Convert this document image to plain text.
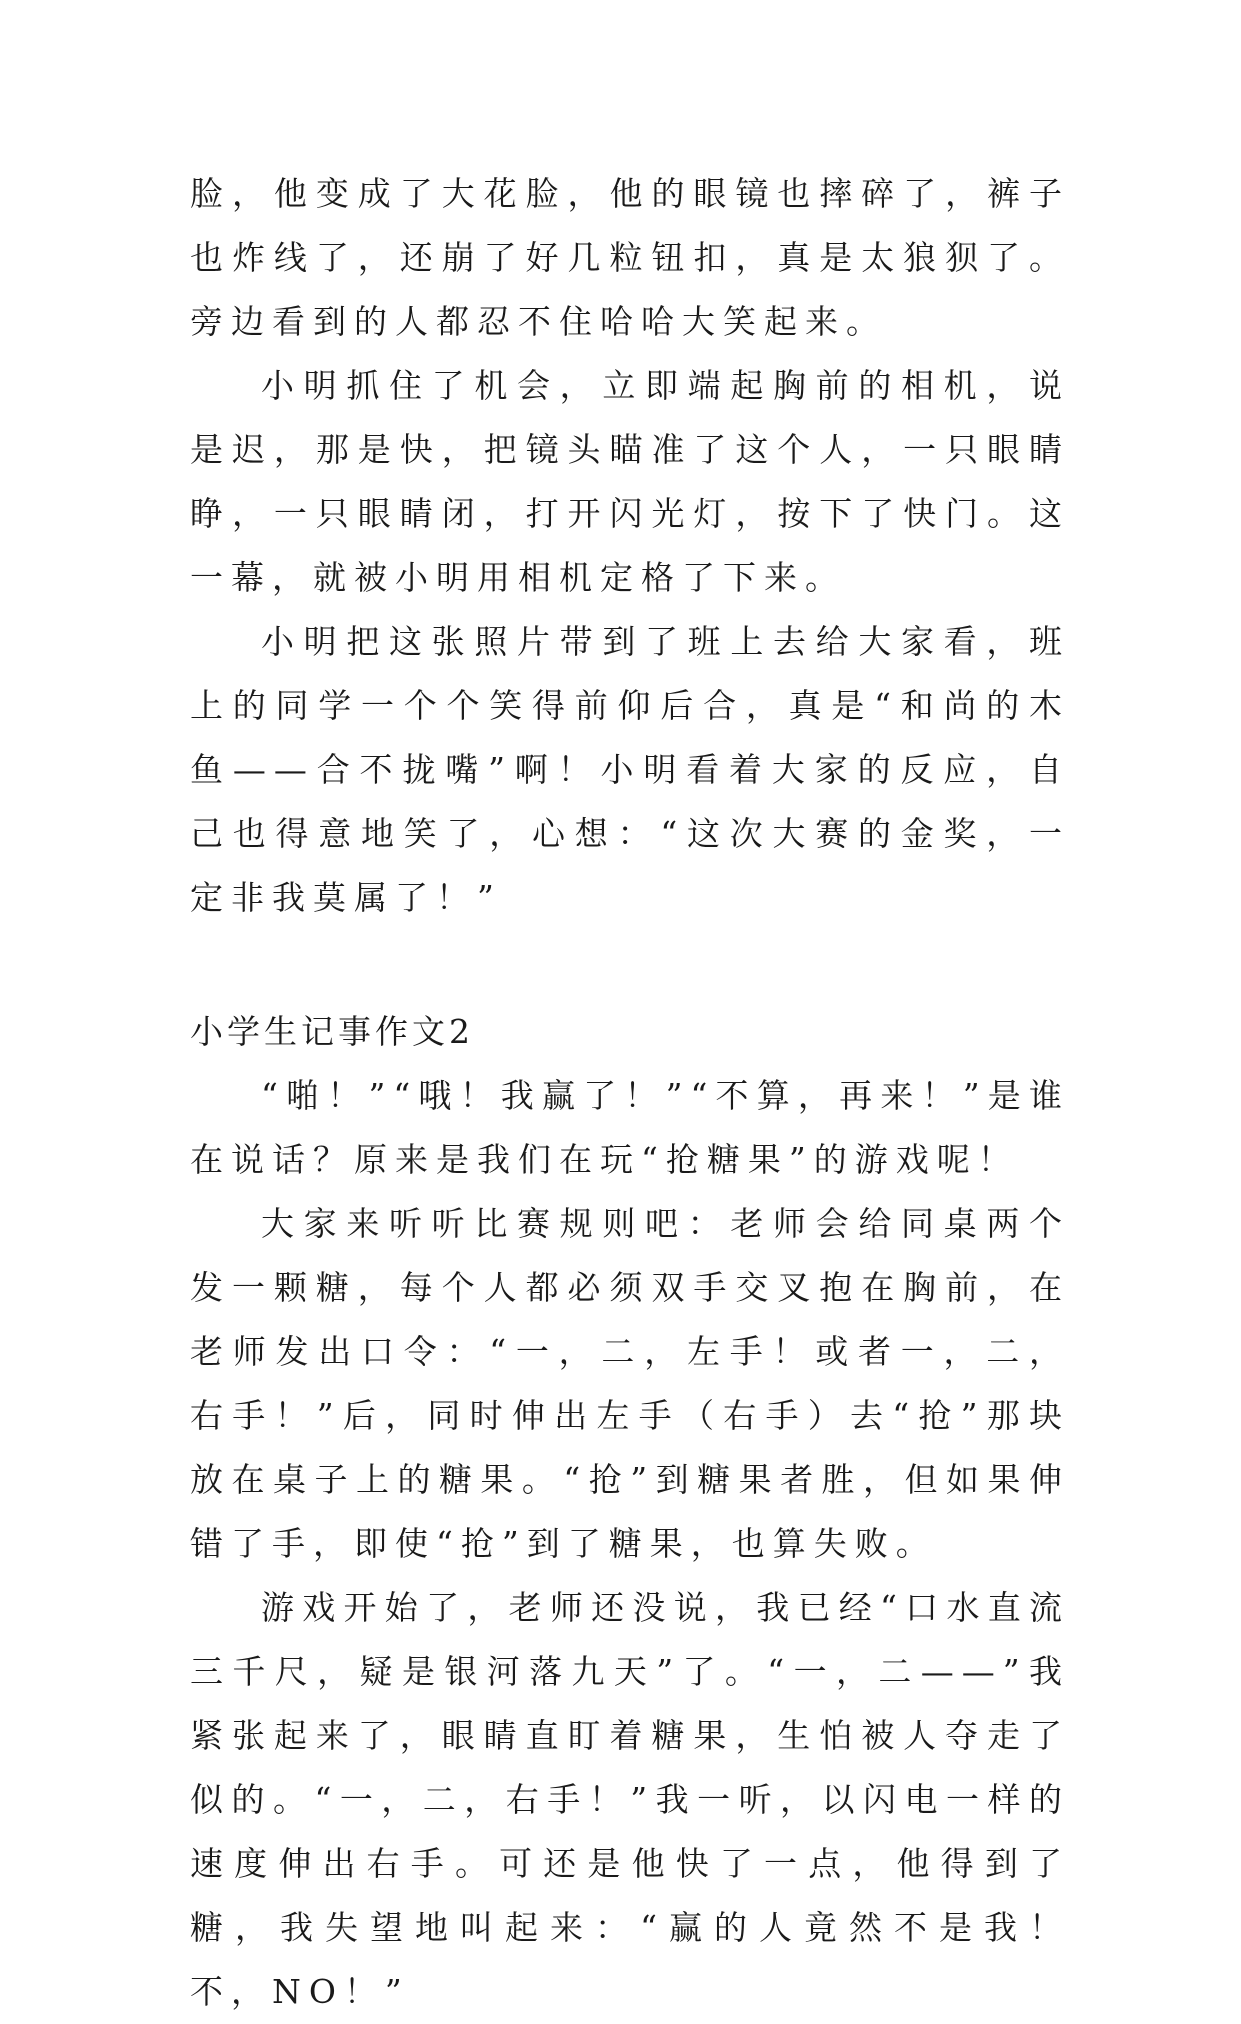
脸，他变成了大花脸，他的眼镜也摔碎了，裤子也炸线了，还崩了好几粒钮扣，真是太狼狈了。旁边看到的人都忍不住哈哈大笑起来。

小明抓住了机会，立即端起胸前的相机，说是迟，那是快，把镜头瞄准了这个人，一只眼睛睁，一只眼睛闭，打开闪光灯，按下了快门。这一幕，就被小明用相机定格了下来。

小明把这张照片带到了班上去给大家看，班上的同学一个个笑得前仰后合，真是“和尚的木鱼——合不拢嘴”啊！小明看着大家的反应，自己也得意地笑了，心想：“这次大赛的金奖，一定非我莫属了！”

小学生记事作文2

“啪！”“哦！我赢了！”“不算，再来！”是谁在说话？原来是我们在玩“抢糖果”的游戏呢！

大家来听听比赛规则吧：老师会给同桌两个发一颗糖，每个人都必须双手交叉抱在胸前，在老师发出口令：“一，二，左手！或者一，二，右手！”后，同时伸出左手（右手）去“抢”那块放在桌子上的糖果。“抢”到糖果者胜，但如果伸错了手，即使“抢”到了糖果，也算失败。

游戏开始了，老师还没说，我已经“口水直流三千尺，疑是银河落九天”了。“一，二——”我紧张起来了，眼睛直盯着糖果，生怕被人夺走了似的。“一，二，右手！”我一听，以闪电一样的速度伸出右手。可还是他快了一点，他得到了糖，我失望地叫起来：“赢的人竟然不是我！不，NO！”
